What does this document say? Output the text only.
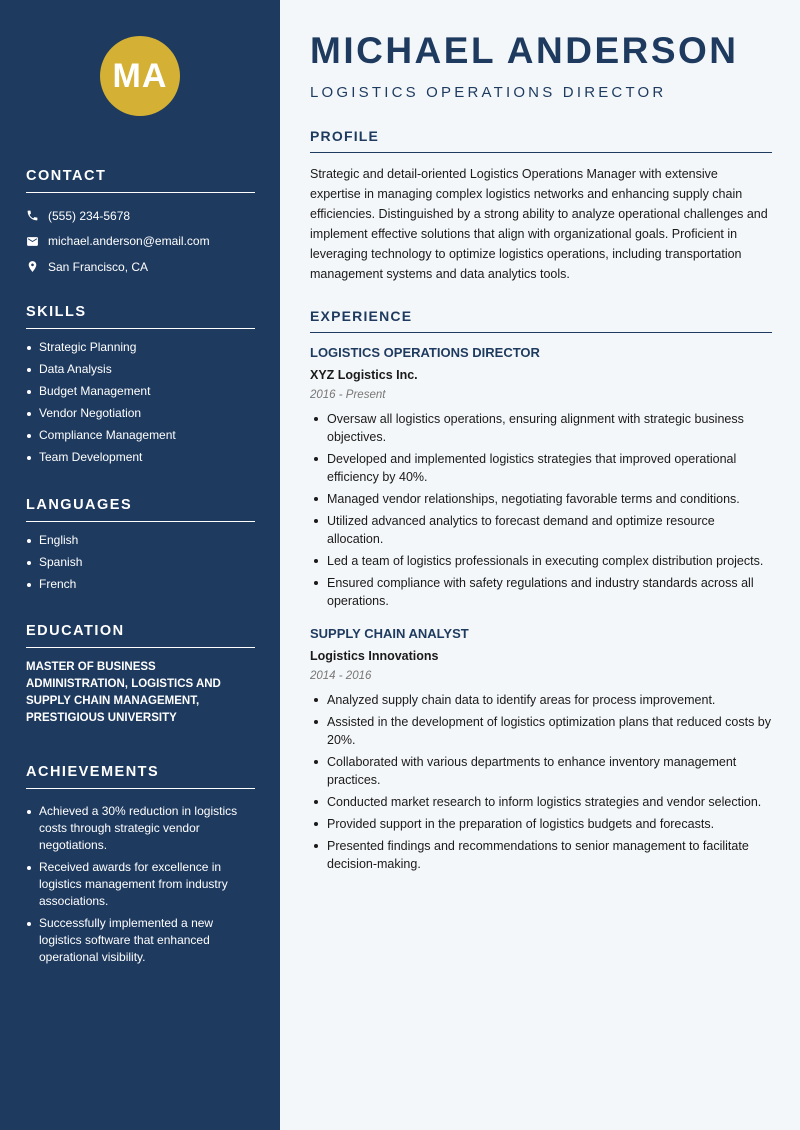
MA
CONTACT
(555) 234-5678
michael.anderson@email.com
San Francisco, CA
SKILLS
Strategic Planning
Data Analysis
Budget Management
Vendor Negotiation
Compliance Management
Team Development
LANGUAGES
English
Spanish
French
EDUCATION
MASTER OF BUSINESS ADMINISTRATION, LOGISTICS AND SUPPLY CHAIN MANAGEMENT, PRESTIGIOUS UNIVERSITY
ACHIEVEMENTS
Achieved a 30% reduction in logistics costs through strategic vendor negotiations.
Received awards for excellence in logistics management from industry associations.
Successfully implemented a new logistics software that enhanced operational visibility.
MICHAEL ANDERSON
LOGISTICS OPERATIONS DIRECTOR
PROFILE

Strategic and detail-oriented Logistics Operations Manager with extensive expertise in managing complex logistics networks and enhancing supply chain efficiencies. Distinguished by a strong ability to analyze operational challenges and implement effective solutions that align with organizational goals. Proficient in leveraging technology to optimize logistics operations, including transportation management systems and data analytics tools.

EXPERIENCE
LOGISTICS OPERATIONS DIRECTOR
XYZ Logistics Inc.
2016 - Present
Oversaw all logistics operations, ensuring alignment with strategic business objectives.
Developed and implemented logistics strategies that improved operational efficiency by 40%.
Managed vendor relationships, negotiating favorable terms and conditions.
Utilized advanced analytics to forecast demand and optimize resource allocation.
Led a team of logistics professionals in executing complex distribution projects.
Ensured compliance with safety regulations and industry standards across all operations.
SUPPLY CHAIN ANALYST
Logistics Innovations
2014 - 2016
Analyzed supply chain data to identify areas for process improvement.
Assisted in the development of logistics optimization plans that reduced costs by 20%.
Collaborated with various departments to enhance inventory management practices.
Conducted market research to inform logistics strategies and vendor selection.
Provided support in the preparation of logistics budgets and forecasts.
Presented findings and recommendations to senior management to facilitate decision-making.
